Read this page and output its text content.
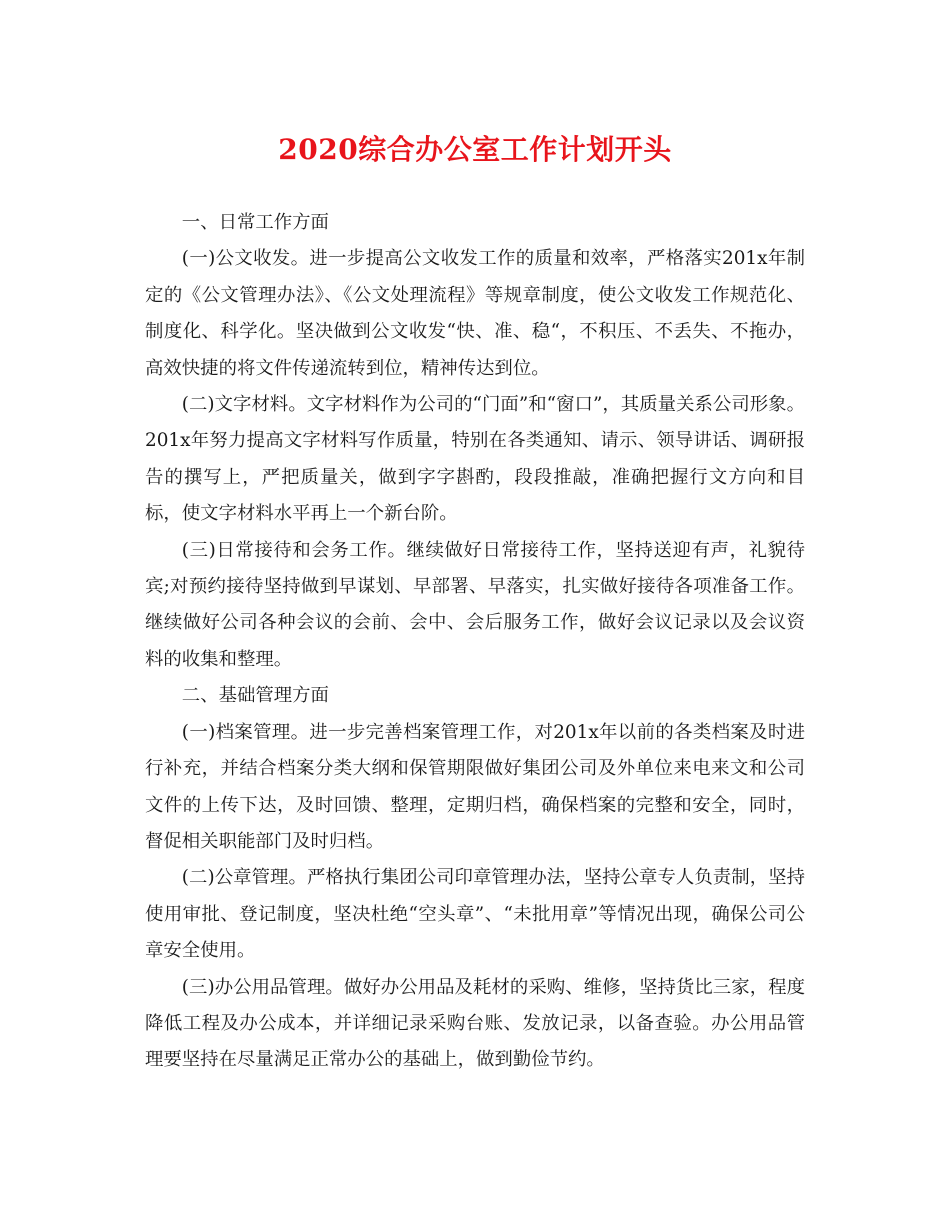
2020综合办公室工作计划开头

一、日常工作方面

(一)公文收发。进一步提高公文收发工作的质量和效率，严格落实201x年制定的《公文管理办法》、《公文处理流程》等规章制度，使公文收发工作规范化、制度化、科学化。坚决做到公文收发“快、准、稳“，不积压、不丢失、不拖办，高效快捷的将文件传递流转到位，精神传达到位。

(二)文字材料。文字材料作为公司的“门面”和“窗口”，其质量关系公司形象。201x年努力提高文字材料写作质量，特别在各类通知、请示、领导讲话、调研报告的撰写上，严把质量关，做到字字斟酌，段段推敲，准确把握行文方向和目标，使文字材料水平再上一个新台阶。

(三)日常接待和会务工作。继续做好日常接待工作，坚持送迎有声，礼貌待宾;对预约接待坚持做到早谋划、早部署、早落实，扎实做好接待各项准备工作。继续做好公司各种会议的会前、会中、会后服务工作，做好会议记录以及会议资料的收集和整理。

二、基础管理方面

(一)档案管理。进一步完善档案管理工作，对201x年以前的各类档案及时进行补充，并结合档案分类大纲和保管期限做好集团公司及外单位来电来文和公司文件的上传下达，及时回馈、整理，定期归档，确保档案的完整和安全，同时，督促相关职能部门及时归档。

(二)公章管理。严格执行集团公司印章管理办法，坚持公章专人负责制，坚持使用审批、登记制度，坚决杜绝“空头章”、“未批用章”等情况出现，确保公司公章安全使用。

(三)办公用品管理。做好办公用品及耗材的采购、维修，坚持货比三家，程度降低工程及办公成本，并详细记录采购台账、发放记录，以备查验。办公用品管理要坚持在尽量满足正常办公的基础上，做到勤俭节约。
